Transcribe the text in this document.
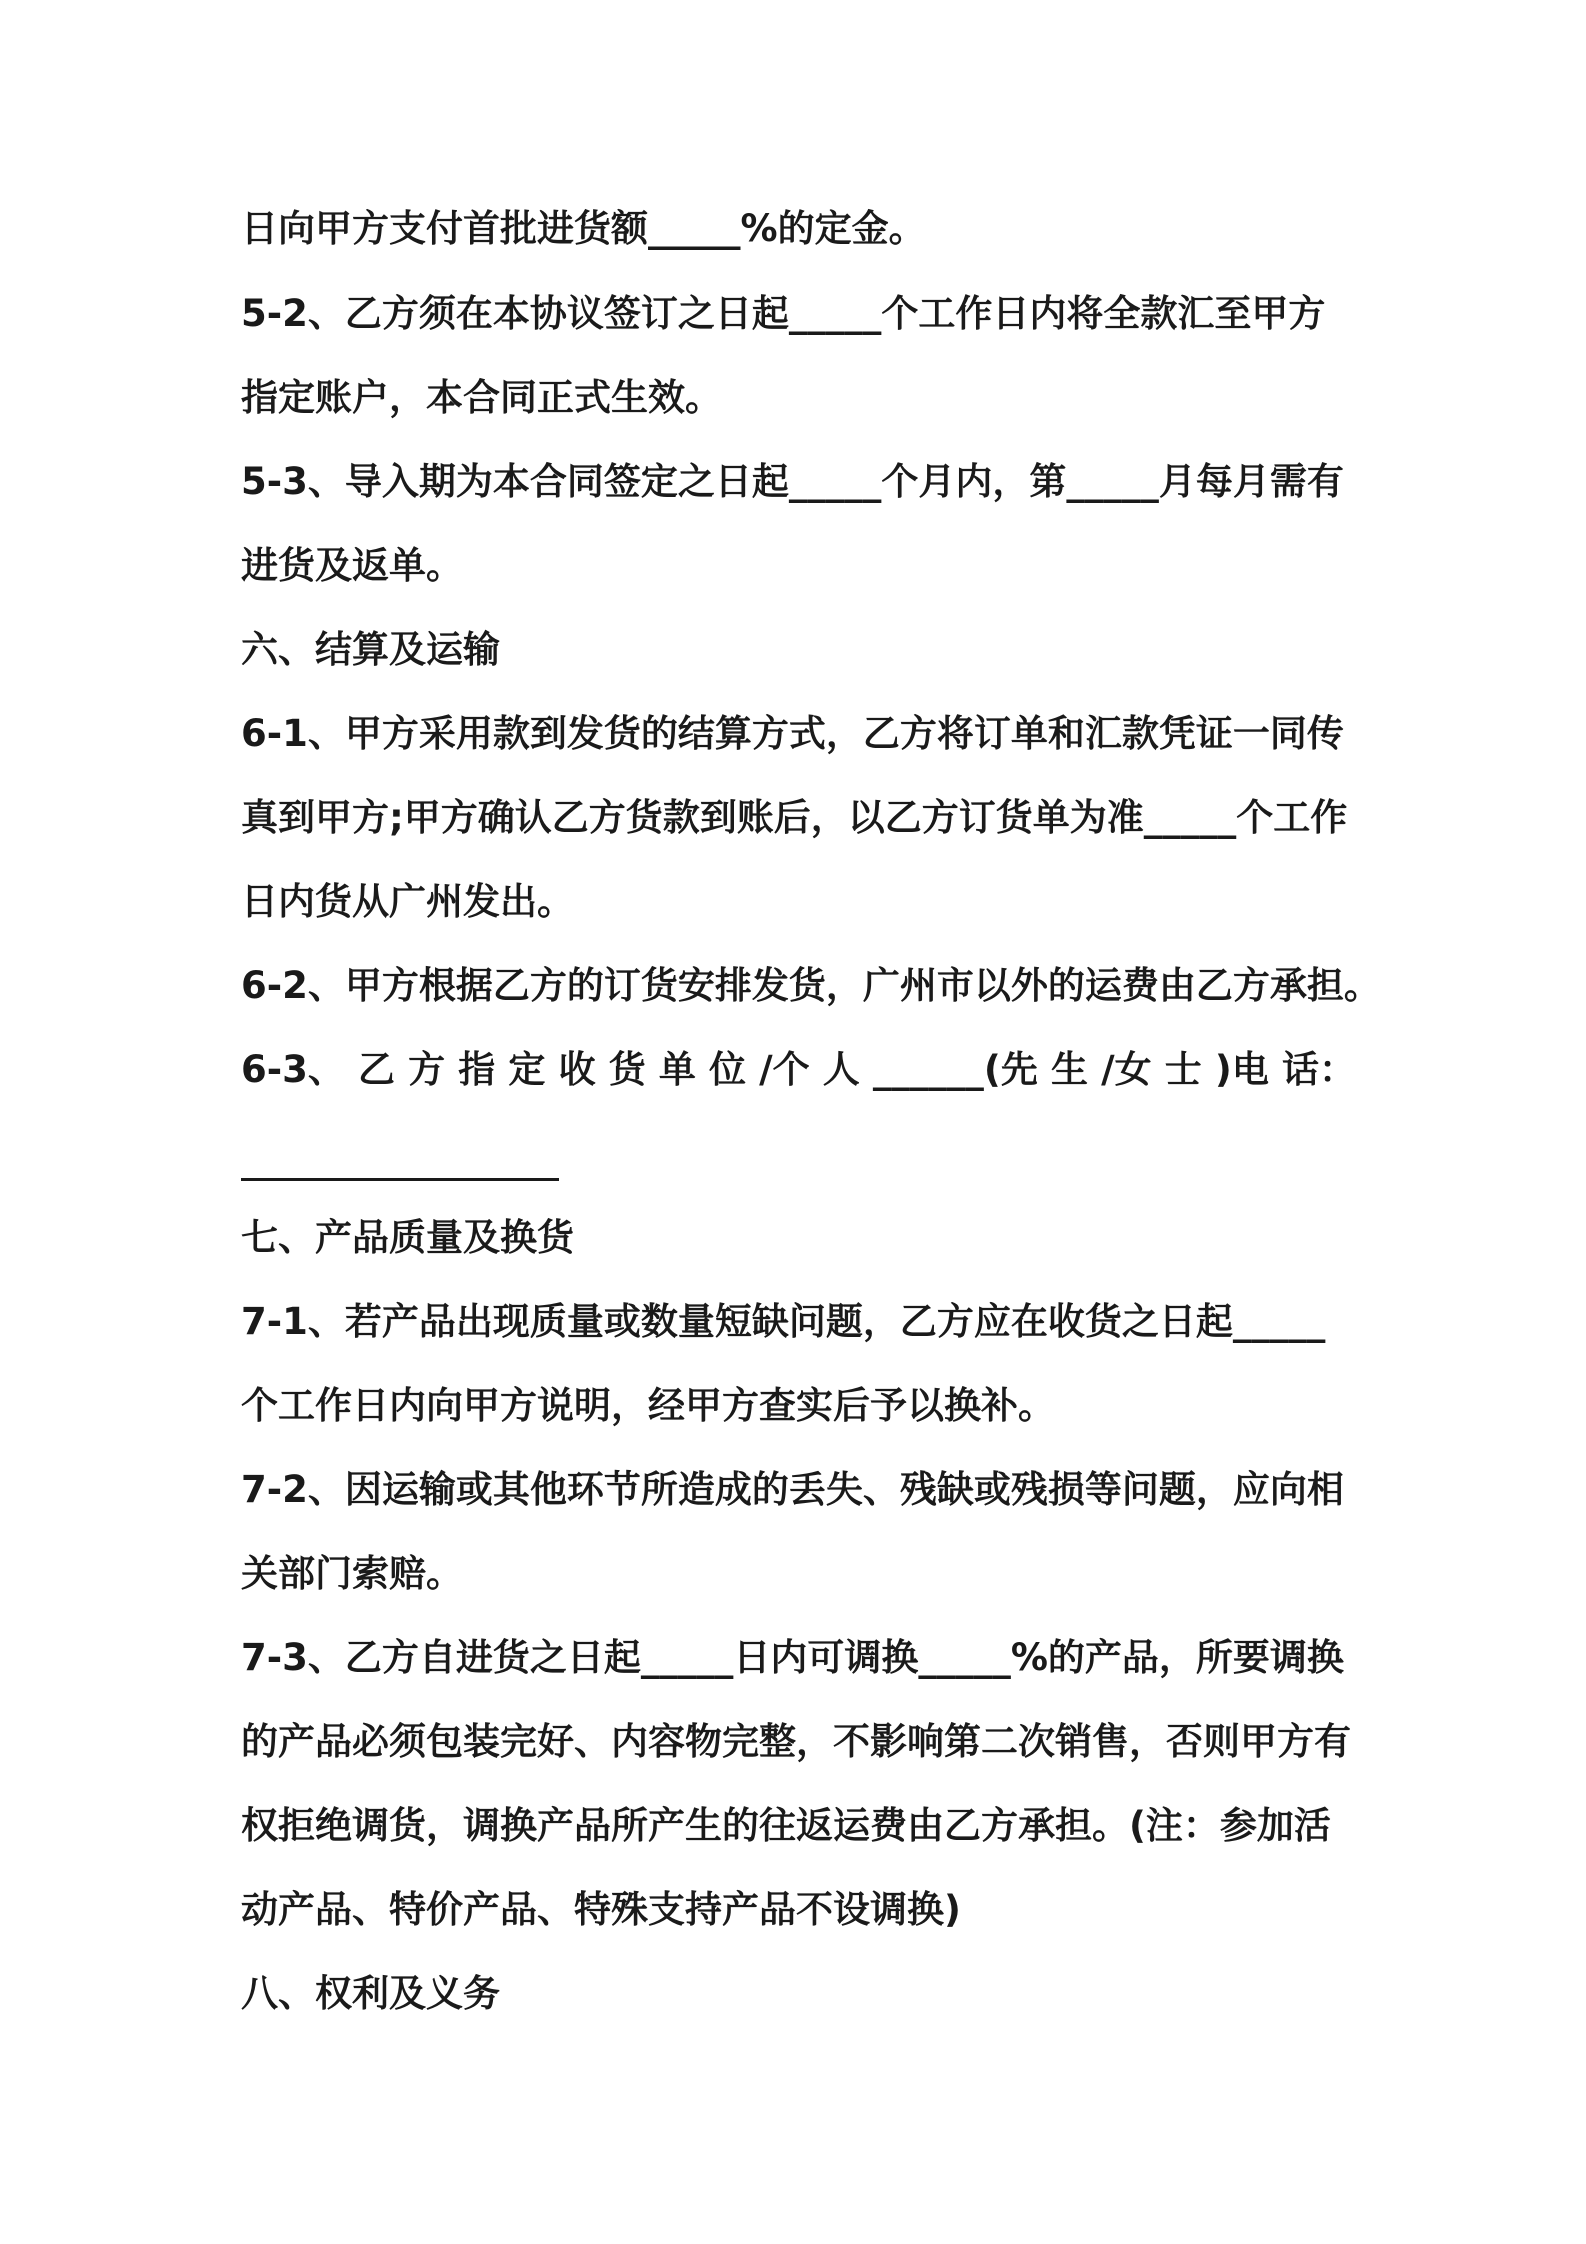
日向甲方支付首批进货额_____%的定金。

5-2、乙方须在本协议签订之日起_____个工作日内将全款汇至甲方

指定账户，本合同正式生效。

5-3、导入期为本合同签定之日起_____个月内，第_____月每月需有

进货及返单。

六、结算及运输

6-1、甲方采用款到发货的结算方式，乙方将订单和汇款凭证一同传

真到甲方;甲方确认乙方货款到账后，以乙方订货单为准_____个工作

日内货从广州发出。

6-2、甲方根据乙方的订货安排发货，广州市以外的运费由乙方承担。

6-3、 乙 方 指 定 收 货 单 位 /个 人 ______(先 生 /女 士 )电 话：

七、产品质量及换货

7-1、若产品出现质量或数量短缺问题，乙方应在收货之日起_____

个工作日内向甲方说明，经甲方查实后予以换补。

7-2、因运输或其他环节所造成的丢失、残缺或残损等问题，应向相

关部门索赔。

7-3、乙方自进货之日起_____日内可调换_____%的产品，所要调换

的产品必须包装完好、内容物完整，不影响第二次销售，否则甲方有

权拒绝调货，调换产品所产生的往返运费由乙方承担。(注：参加活

动产品、特价产品、特殊支持产品不设调换)

八、权利及义务
